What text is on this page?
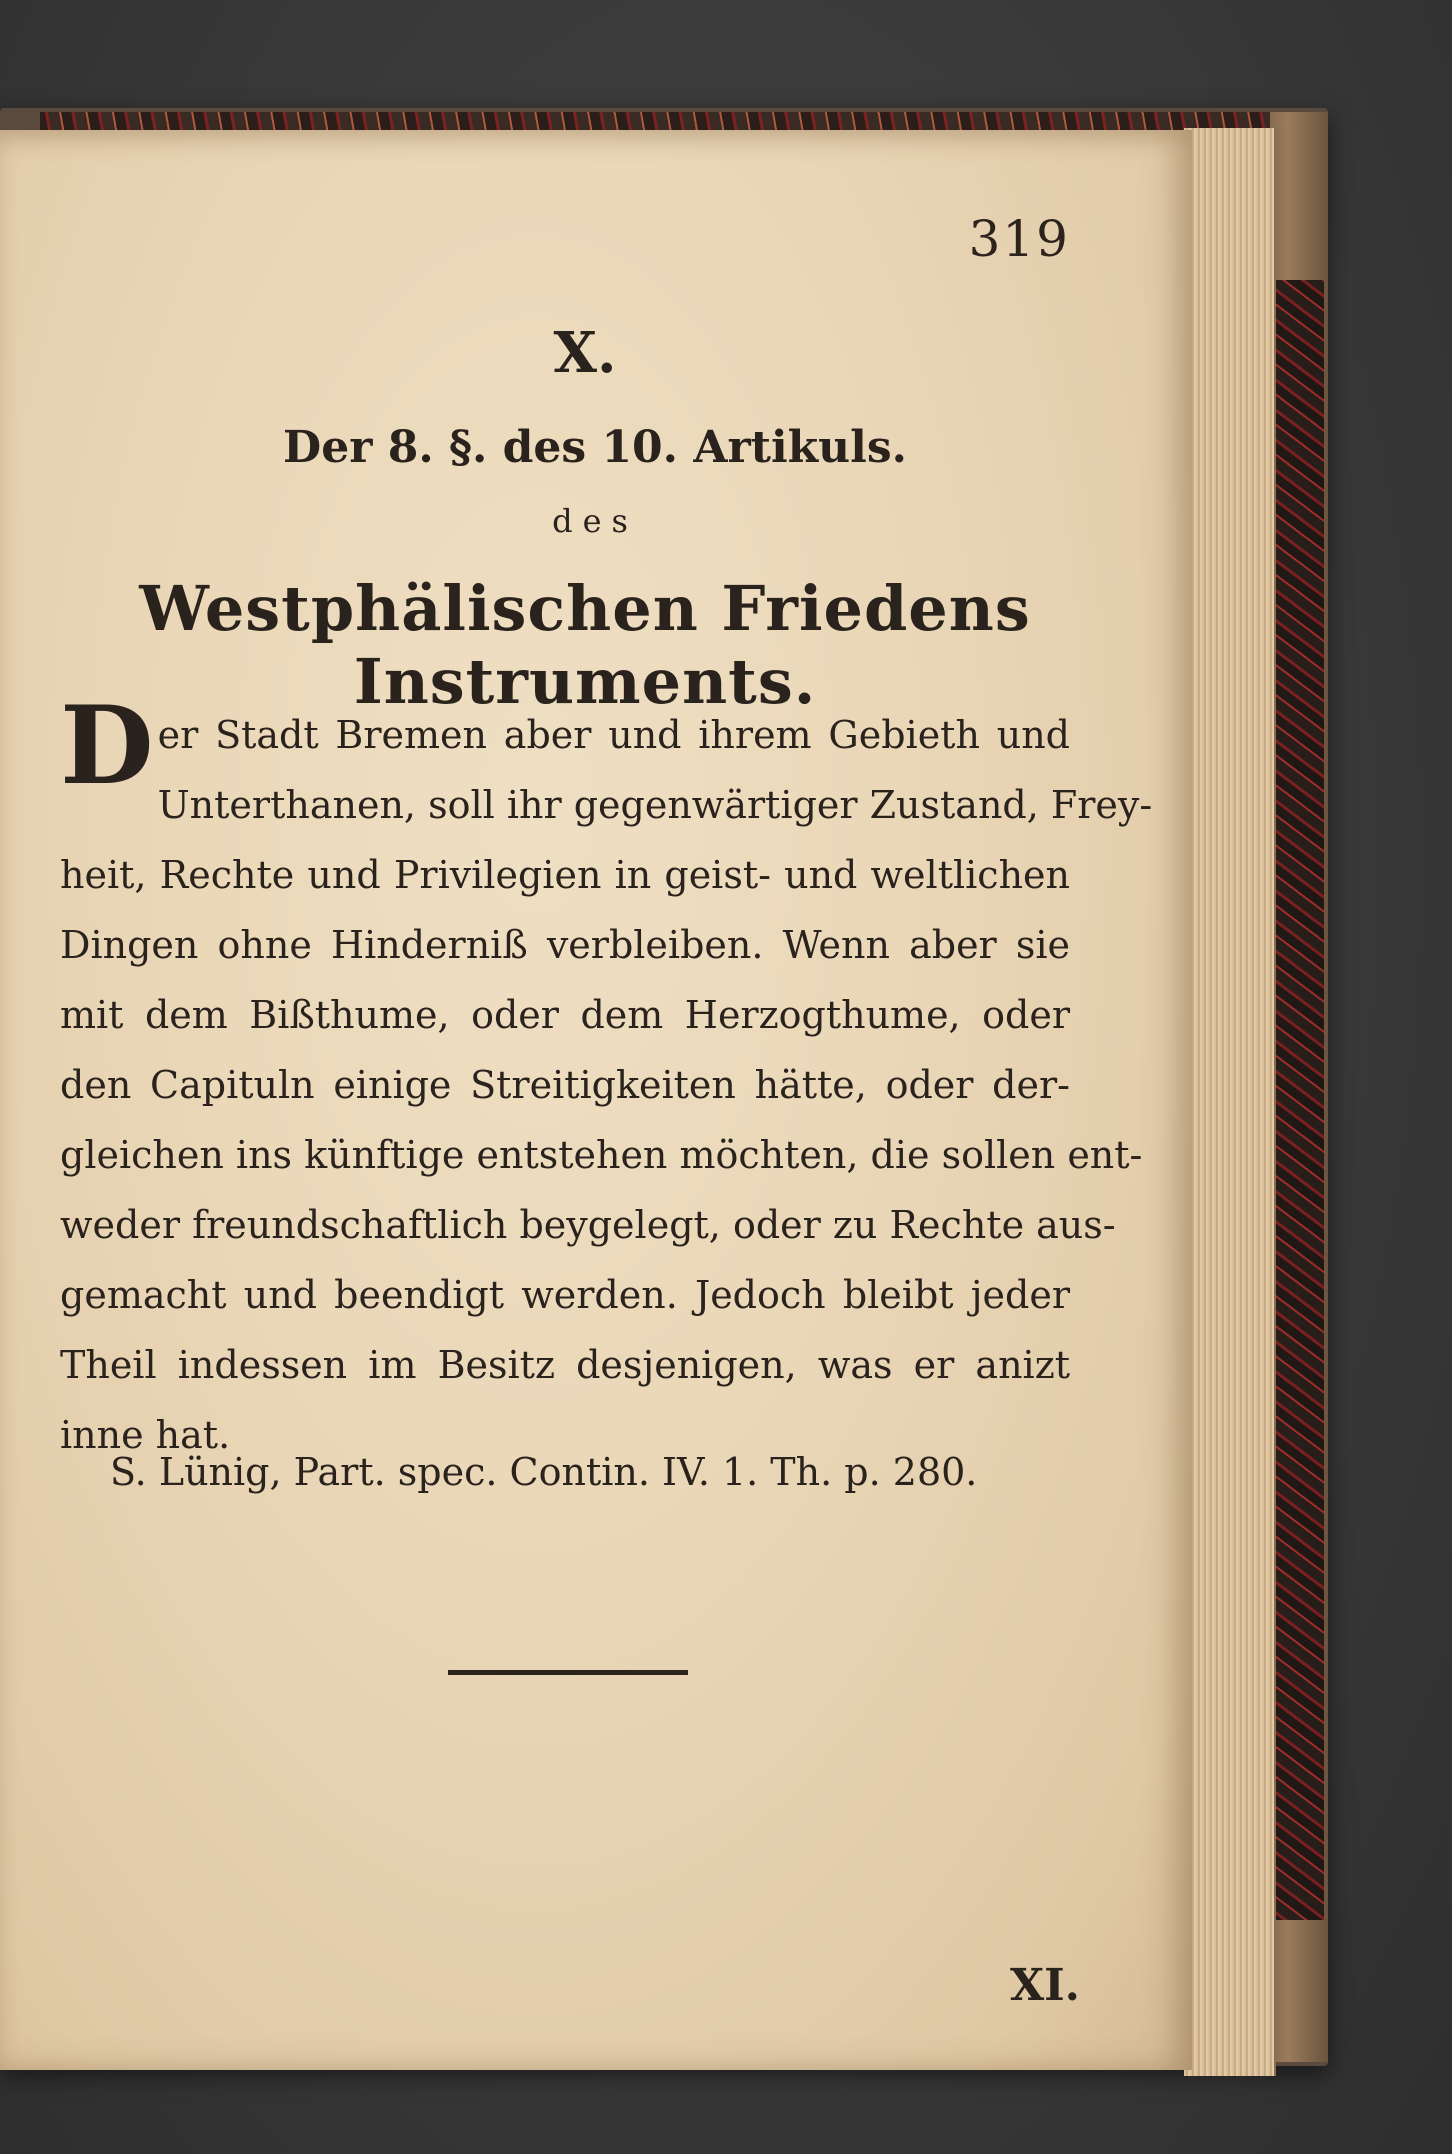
319
X.
Der 8. §. des 10. Artikuls.
des
Westphälischen Friedens Instruments.
D er Stadt Bremen aber und ihrem Gebieth und
Unterthanen, soll ihr gegenwärtiger Zustand, Frey-
heit, Rechte und Privilegien in geist- und weltlichen
Dingen ohne Hinderniß verbleiben. Wenn aber sie
mit dem Bißthume, oder dem Herzogthume, oder
den Capituln einige Streitigkeiten hätte, oder der-
gleichen ins künftige entstehen möchten, die sollen ent-
weder freundschaftlich beygelegt, oder zu Rechte aus-
gemacht und beendigt werden. Jedoch bleibt jeder
Theil indessen im Besitz desjenigen, was er anizt
inne hat.
S. Lünig, Part. spec. Contin. IV. 1. Th. p. 280.
XI.
